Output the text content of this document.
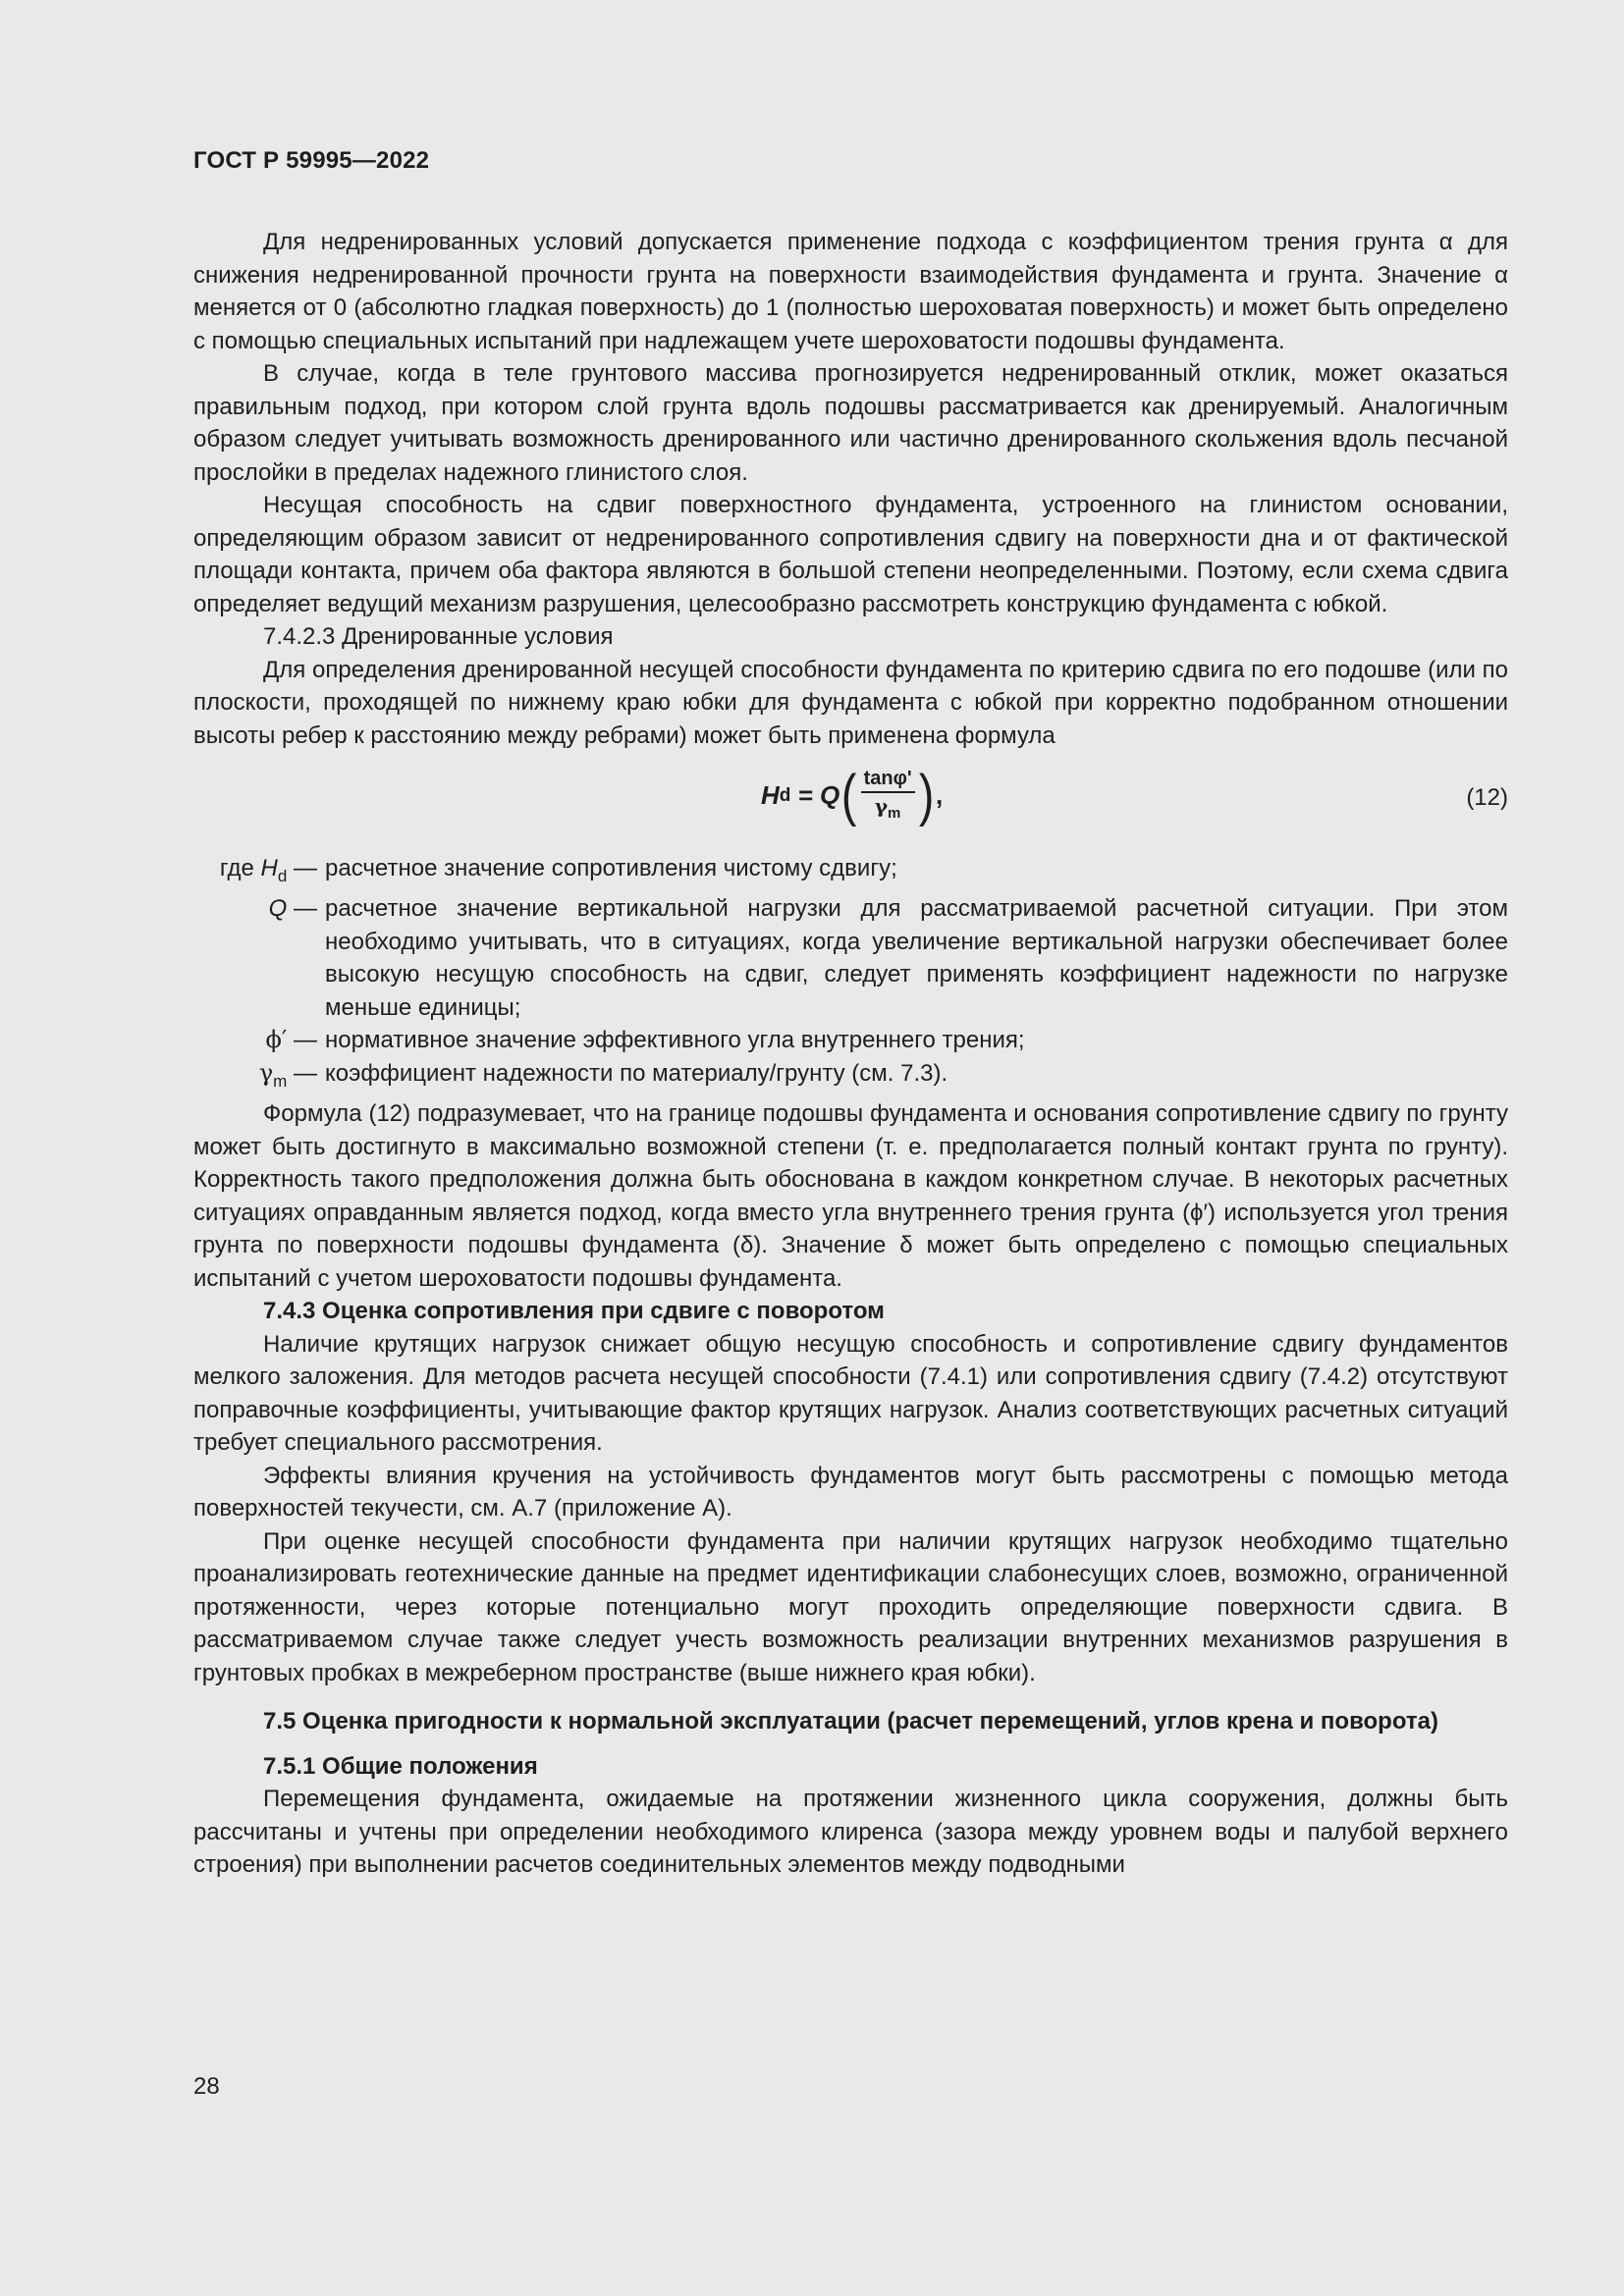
ГОСТ Р 59995—2022

Для недренированных условий допускается применение подхода с коэффициентом трения грунта α для снижения недренированной прочности грунта на поверхности взаимодействия фундамента и грунта. Значение α меняется от 0 (абсолютно гладкая поверхность) до 1 (полностью шероховатая поверхность) и может быть определено с помощью специальных испытаний при надлежащем учете шероховатости подошвы фундамента.

В случае, когда в теле грунтового массива прогнозируется недренированный отклик, может оказаться правильным подход, при котором слой грунта вдоль подошвы рассматривается как дренируемый. Аналогичным образом следует учитывать возможность дренированного или частично дренированного скольжения вдоль песчаной прослойки в пределах надежного глинистого слоя.

Несущая способность на сдвиг поверхностного фундамента, устроенного на глинистом основании, определяющим образом зависит от недренированного сопротивления сдвигу на поверхности дна и от фактической площади контакта, причем оба фактора являются в большой степени неопределенными. Поэтому, если схема сдвига определяет ведущий механизм разрушения, целесообразно рассмотреть конструкцию фундамента с юбкой.

7.4.2.3 Дренированные условия

Для определения дренированной несущей способности фундамента по критерию сдвига по его подошве (или по плоскости, проходящей по нижнему краю юбки для фундамента с юбкой при корректно подобранном отношении высоты ребер к расстоянию между ребрами) может быть применена формула

H d = Q ( $\frac{\tan\varphi'}{\gamma_m}$ ) ,	(12)
где $H_d$ — расчетное значение сопротивления чистому сдвигу;
Q — расчетное значение вертикальной нагрузки для рассматриваемой расчетной ситуации. При этом необходимо учитывать, что в ситуациях, когда увеличение вертикальной нагрузки обеспечивает более высокую несущую способность на сдвиг, следует применять коэффициент надежности по нагрузке меньше единицы;
ϕ′ — нормативное значение эффективного угла внутреннего трения;
$\gamma_m$ — коэффициент надежности по материалу/грунту (см. 7.3).

Формула (12) подразумевает, что на границе подошвы фундамента и основания сопротивление сдвигу по грунту может быть достигнуто в максимально возможной степени (т. е. предполагается полный контакт грунта по грунту). Корректность такого предположения должна быть обоснована в каждом конкретном случае. В некоторых расчетных ситуациях оправданным является подход, когда вместо угла внутреннего трения грунта (ϕ′) используется угол трения грунта по поверхности подошвы фундамента (δ). Значение δ может быть определено с помощью специальных испытаний с учетом шероховатости подошвы фундамента.

7.4.3 Оценка сопротивления при сдвиге с поворотом

Наличие крутящих нагрузок снижает общую несущую способность и сопротивление сдвигу фундаментов мелкого заложения. Для методов расчета несущей способности (7.4.1) или сопротивления сдвигу (7.4.2) отсутствуют поправочные коэффициенты, учитывающие фактор крутящих нагрузок. Анализ соответствующих расчетных ситуаций требует специального рассмотрения.

Эффекты влияния кручения на устойчивость фундаментов могут быть рассмотрены с помощью метода поверхностей текучести, см. А.7 (приложение А).

При оценке несущей способности фундамента при наличии крутящих нагрузок необходимо тщательно проанализировать геотехнические данные на предмет идентификации слабонесущих слоев, возможно, ограниченной протяженности, через которые потенциально могут проходить определяющие поверхности сдвига. В рассматриваемом случае также следует учесть возможность реализации внутренних механизмов разрушения в грунтовых пробках в межреберном пространстве (выше нижнего края юбки).

7.5 Оценка пригодности к нормальной эксплуатации (расчет перемещений, углов крена и поворота)

7.5.1 Общие положения

Перемещения фундамента, ожидаемые на протяжении жизненного цикла сооружения, должны быть рассчитаны и учтены при определении необходимого клиренса (зазора между уровнем воды и палубой верхнего строения) при выполнении расчетов соединительных элементов между подводными

28
